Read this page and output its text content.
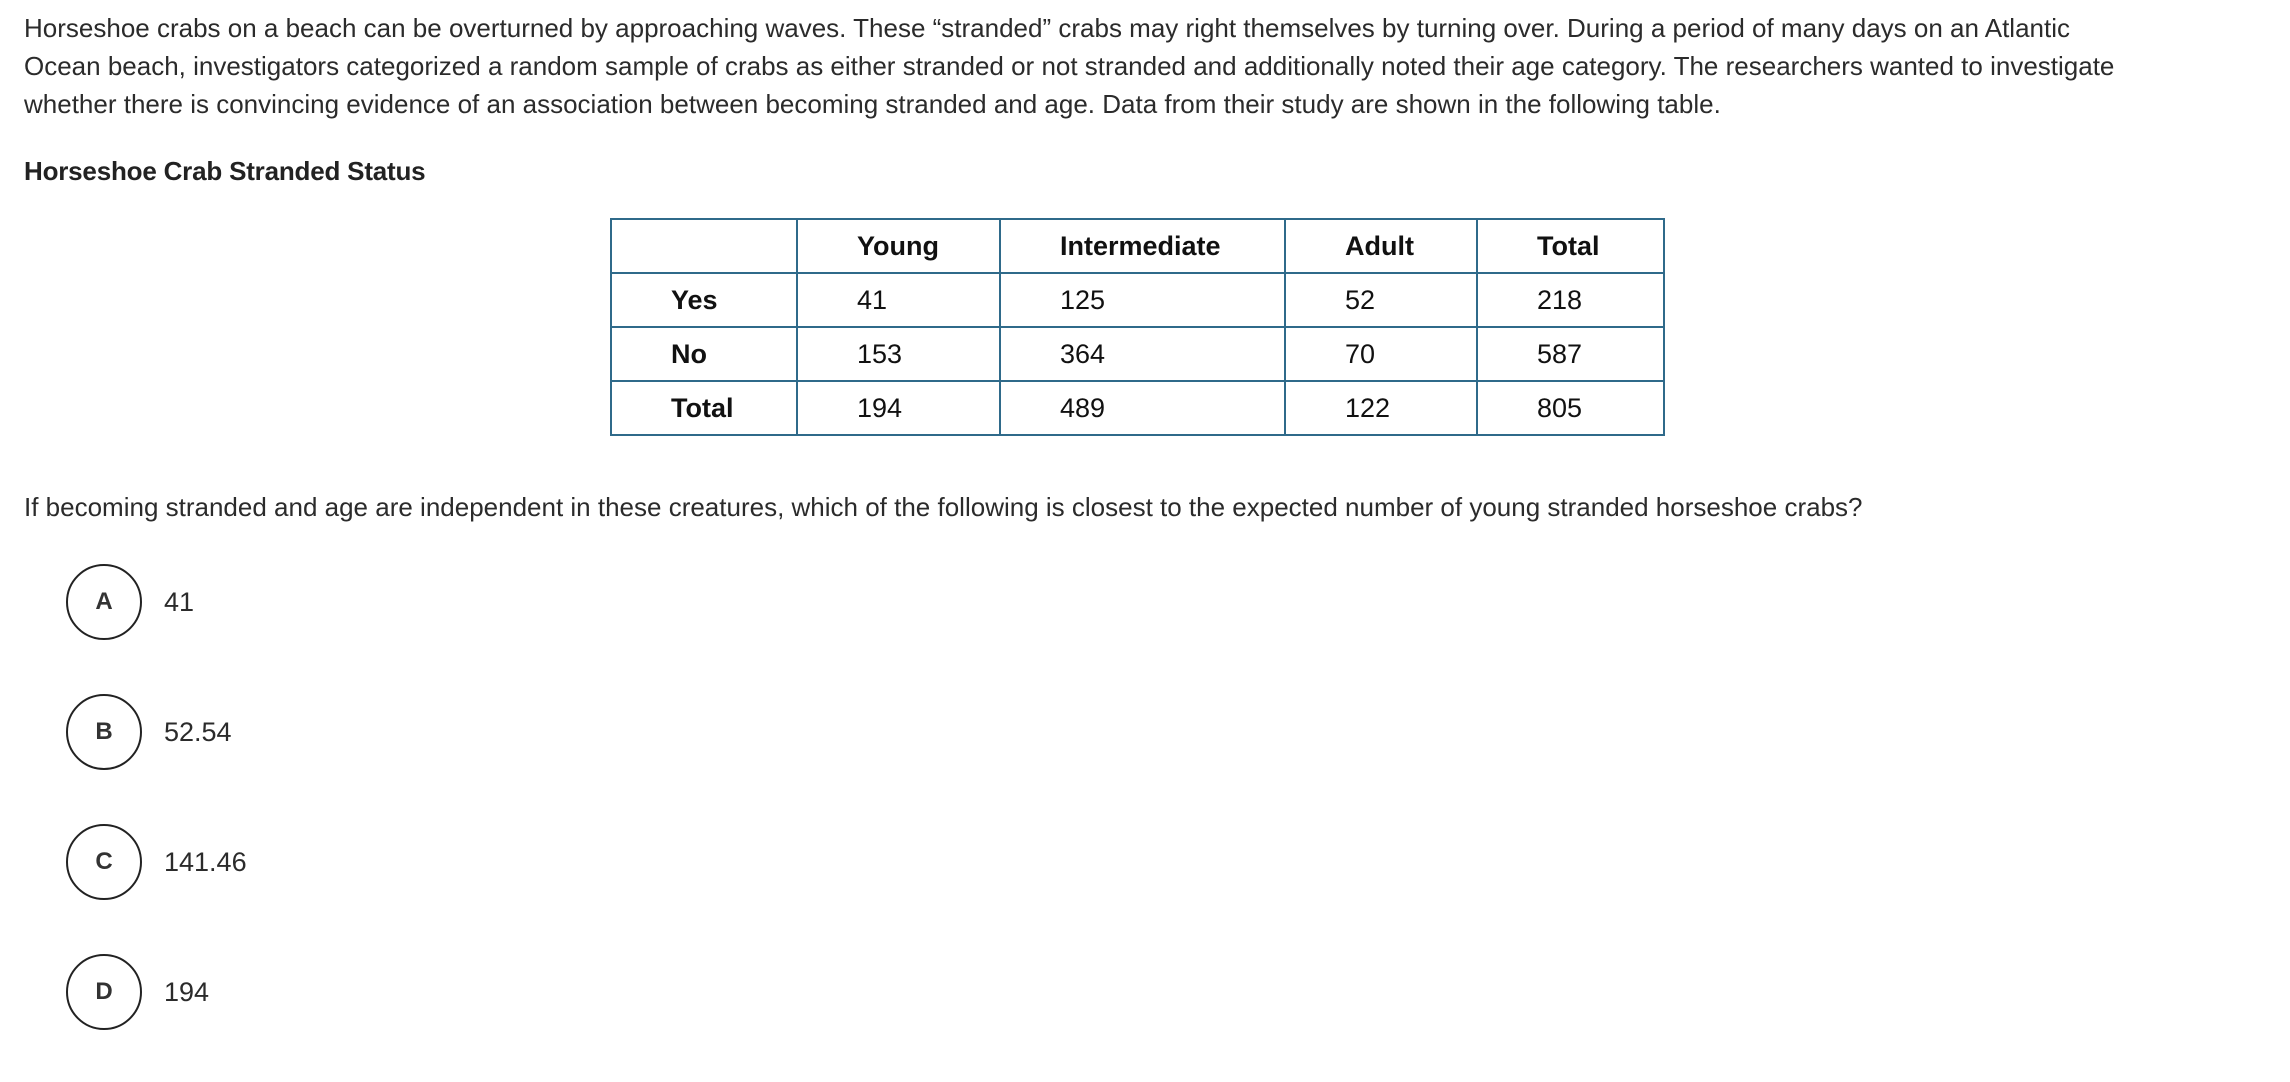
Horseshoe crabs on a beach can be overturned by approaching waves. These “stranded” crabs may right themselves by turning over. During a period of many days on an Atlantic
Ocean beach, investigators categorized a random sample of crabs as either stranded or not stranded and additionally noted their age category. The researchers wanted to investigate
whether there is convincing evidence of an association between becoming stranded and age. Data from their study are shown in the following table.

Horseshoe Crab Stranded Status

	Young	Intermediate	Adult	Total
Yes	41	125	52	218
No	153	364	70	587
Total	194	489	122	805

If becoming stranded and age are independent in these creatures, which of the following is closest to the expected number of young stranded horseshoe crabs?

A	41
B	52.54
C	141.46
D	194
